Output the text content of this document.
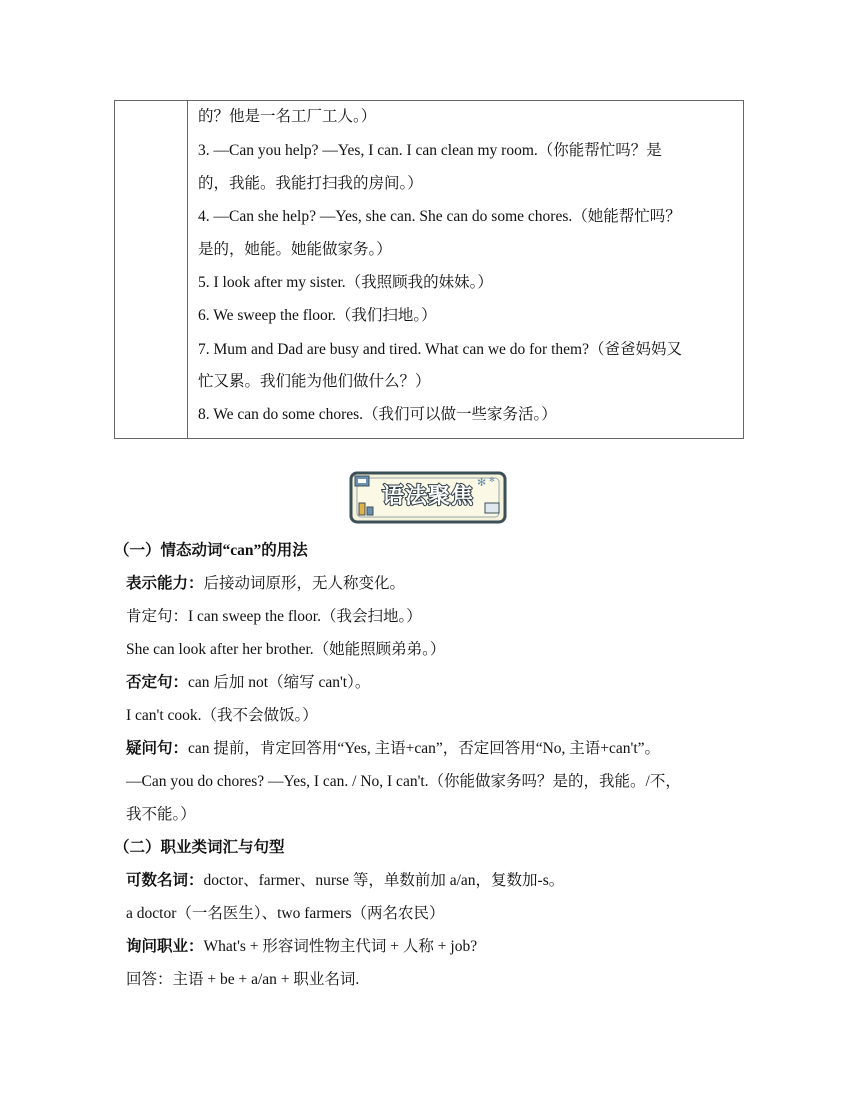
的？他是一名工厂工人。）
3. —Can you help? —Yes, I can. I can clean my room.（你能帮忙吗？是
的，我能。我能打扫我的房间。）
4. —Can she help? —Yes, she can. She can do some chores.（她能帮忙吗？
是的，她能。她能做家务。）
5. I look after my sister.（我照顾我的妹妹。）
6. We sweep the floor.（我们扫地。）
7. Mum and Dad are busy and tired. What can we do for them?（爸爸妈妈又
忙又累。我们能为他们做什么？）
8. We can do some chores.（我们可以做一些家务活。）
✻ ✻
语法聚焦
（一）情态动词“can”的用法
表示能力：后接动词原形，无人称变化。
肯定句：I can sweep the floor.（我会扫地。）
She can look after her brother.（她能照顾弟弟。）
否定句：can 后加 not（缩写 can't）。
I can't cook.（我不会做饭。）
疑问句：can 提前，肯定回答用“Yes, 主语+can”，否定回答用“No, 主语+can't”。
—Can you do chores? —Yes, I can. / No, I can't.（你能做家务吗？是的，我能。/不，
我不能。）
（二）职业类词汇与句型
可数名词：doctor、farmer、nurse 等，单数前加 a/an，复数加-s。
a doctor（一名医生）、two farmers（两名农民）
询问职业：What's + 形容词性物主代词 + 人称 + job?
回答：主语 + be + a/an + 职业名词.
